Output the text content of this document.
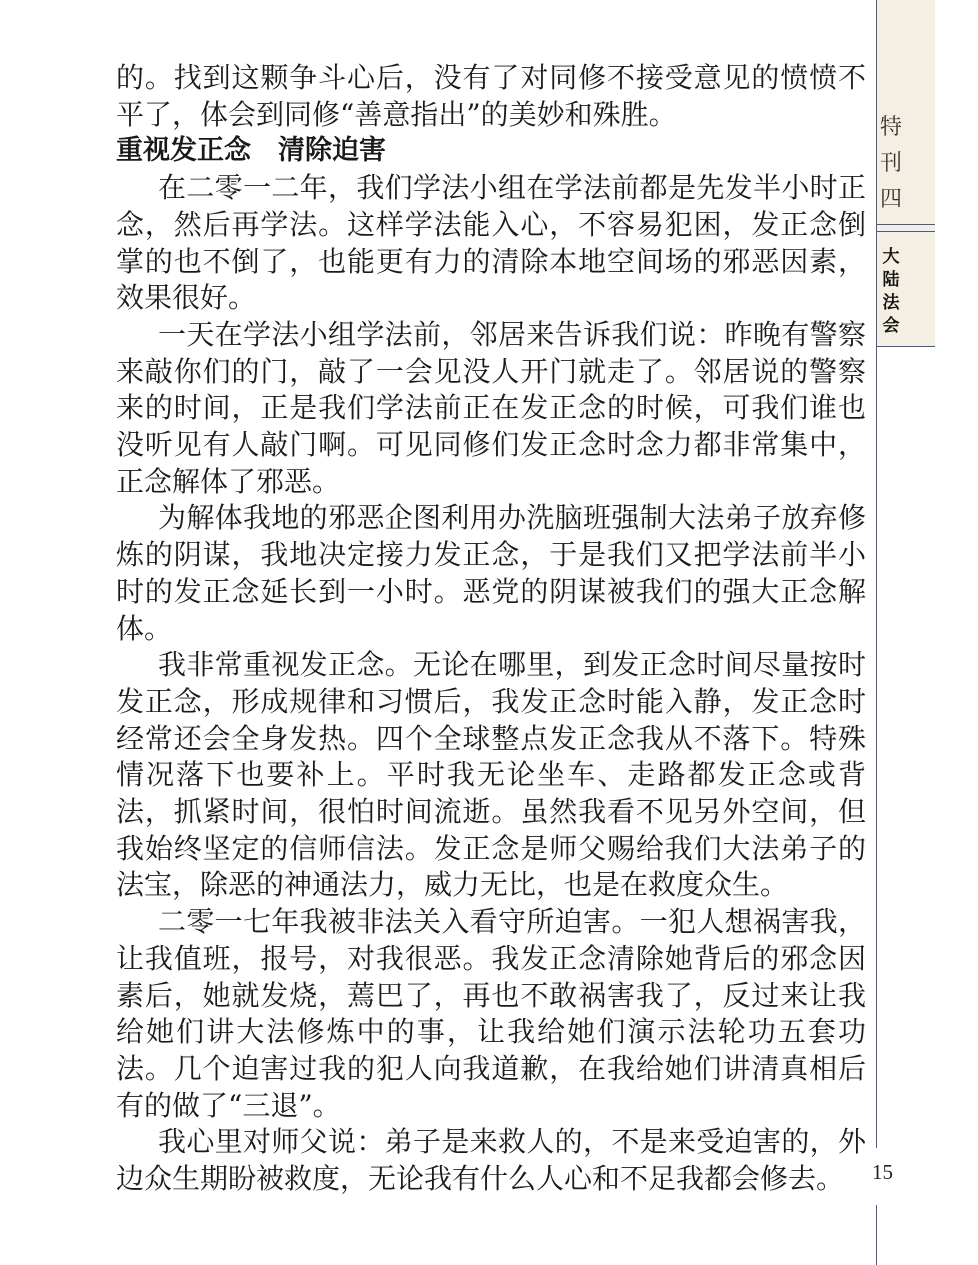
特
刊
四
大
陆
法
会

的。找到这颗争斗心后，没有了对同修不接受意见的愤愤不平了，体会到同修“善意指出”的美妙和殊胜。

重视发正念　清除迫害

在二零一二年，我们学法小组在学法前都是先发半小时正念，然后再学法。这样学法能入心，不容易犯困，发正念倒掌的也不倒了，也能更有力的清除本地空间场的邪恶因素，效果很好。

一天在学法小组学法前，邻居来告诉我们说：昨晚有警察来敲你们的门，敲了一会见没人开门就走了。邻居说的警察来的时间，正是我们学法前正在发正念的时候，可我们谁也没听见有人敲门啊。可见同修们发正念时念力都非常集中，正念解体了邪恶。

为解体我地的邪恶企图利用办洗脑班强制大法弟子放弃修炼的阴谋，我地决定接力发正念，于是我们又把学法前半小时的发正念延长到一小时。恶党的阴谋被我们的强大正念解体。

我非常重视发正念。无论在哪里，到发正念时间尽量按时发正念，形成规律和习惯后，我发正念时能入静，发正念时经常还会全身发热。四个全球整点发正念我从不落下。特殊情况落下也要补上。平时我无论坐车、走路都发正念或背法，抓紧时间，很怕时间流逝。虽然我看不见另外空间，但我始终坚定的信师信法。发正念是师父赐给我们大法弟子的法宝，除恶的神通法力，威力无比，也是在救度众生。

二零一七年我被非法关入看守所迫害。一犯人想祸害我，让我值班，报号，对我很恶。我发正念清除她背后的邪念因素后，她就发烧，蔫巴了，再也不敢祸害我了，反过来让我给她们讲大法修炼中的事，让我给她们演示法轮功五套功法。几个迫害过我的犯人向我道歉，在我给她们讲清真相后有的做了“三退”。

我心里对师父说：弟子是来救人的，不是来受迫害的，外边众生期盼被救度，无论我有什么人心和不足我都会修去。	15
